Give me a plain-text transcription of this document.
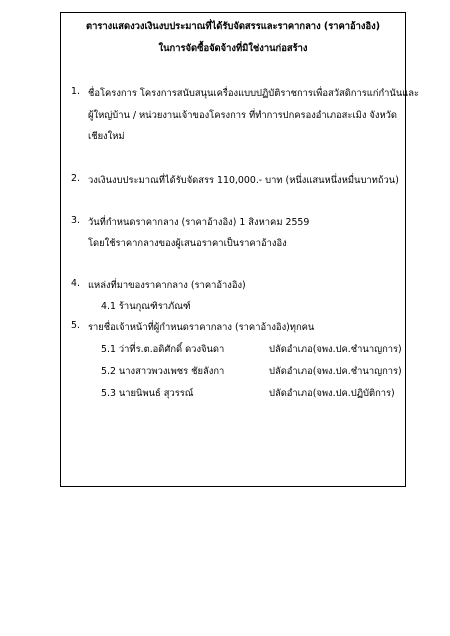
ตารางแสดงวงเงินงบประมาณที่ได้รับจัดสรรและราคากลาง (ราคาอ้างอิง)
ในการจัดซื้อจัดจ้างที่มิใช่งานก่อสร้าง
1. ชื่อโครงการ โครงการสนับสนุนเครื่องแบบปฏิบัติราชการเพื่อสวัสดิการแก่กำนันและ
ผู้ใหญ่บ้าน / หน่วยงานเจ้าของโครงการ ที่ทำการปกครองอำเภอสะเมิง จังหวัด
เชียงใหม่
2. วงเงินงบประมาณที่ได้รับจัดสรร 110,000.- บาท (หนึ่งแสนหนึ่งหมื่นบาทถ้วน)
3. วันที่กำหนดราคากลาง (ราคาอ้างอิง) 1 สิงหาคม 2559
โดยใช้ราคากลางของผู้เสนอราคาเป็นราคาอ้างอิง
4. แหล่งที่มาของราคากลาง (ราคาอ้างอิง)
4.1 ร้านกุณฑิราภัณฑ์
5. รายชื่อเจ้าหน้าที่ผู้กำหนดราคากลาง (ราคาอ้างอิง)ทุกคน
5.1 ว่าที่ร.ต.อดิศักดิ์ ดวงจินดา	ปลัดอำเภอ(จพง.ปค.ชำนาญการ)
5.2 นางสาวพวงเพชร ชัยลังกา	ปลัดอำเภอ(จพง.ปค.ชำนาญการ)
5.3 นายนิพนธ์ สุวรรณ์	ปลัดอำเภอ(จพง.ปค.ปฏิบัติการ)
